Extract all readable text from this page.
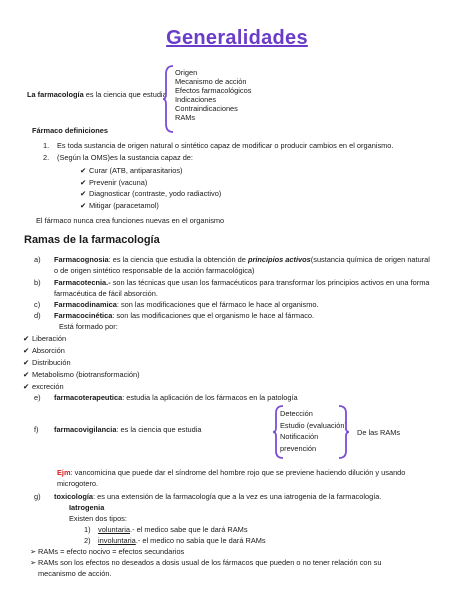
Generalidades
La farmacología es la ciencia que estudia
Origen
Mecanismo de acción
Efectos farmacológicos
Indicaciones
Contraindicaciones
RAMs
Fármaco definiciones
1. Es toda sustancia de origen natural o sintético capaz de modificar o producir cambios en el organismo.
2. (Según la OMS)es la sustancia capaz de:
✔ Curar (ATB, antiparasitarios)
✔ Prevenir (vacuna)
✔ Diagnosticar (contraste, yodo radiactivo)
✔ Mitigar (paracetamol)
El fármaco nunca crea funciones nuevas en el organismo
Ramas de la farmacología
a) Farmacognosia: es la ciencia que estudia la obtención de principios activos(sustancia química de origen natural
o de origen sintético responsable de la acción farmacológica)
b) Farmacotecnia.- son las técnicas que usan los farmacéuticos para transformar los principios activos en una forma
farmacéutica de fácil absorción.
c) Farmacodinamica: son las modificaciones que el fármaco le hace al organismo.
d) Farmacocinética: son las modificaciones que el organismo le hace al fármaco.
Está formado por:
✔ Liberación
✔ Absorción
✔ Distribución
✔ Metabolismo (biotransformación)
✔ excreción
e) farmacoterapeutica: estudia la aplicación de los fármacos en la patología
f) farmacovigilancia: es la ciencia que estudia
Detección
Estudio (evaluación)
Notificación
prevención
De las RAMs
Ejm: vancomicina que puede dar el síndrome del hombre rojo que se previene haciendo dilución y usando
microgotero.
g) toxicología: es una extensión de la farmacología que a la vez es una iatrogenia de la farmacología.
Iatrogenia
Existen dos tipos:
1) voluntaria.- el medico sabe que le dará RAMs
2) involuntaria.- el medico no sabía que le dará RAMs
➢ RAMs = efecto nocivo = efectos secundarios
➢ RAMs son los efectos no deseados a dosis usual de los fármacos que pueden o no tener relación con su
mecanismo de acción.
